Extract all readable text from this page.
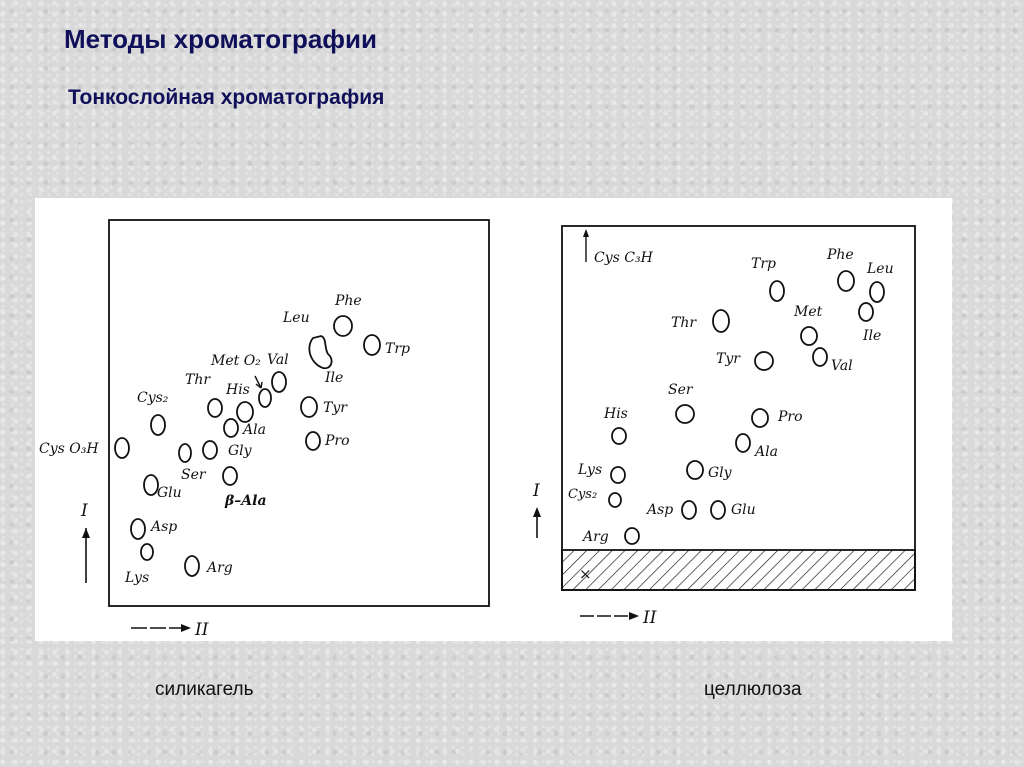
Методы хроматографии
Тонкослойная хроматография
Phe
Leu
Trp
Met O₂ Val
Ile
Thr
His
Tyr
Cys₂
Ala
Gly
Pro
Cys O₃H
Ser
Glu	β–Ala
Asp
Lys
Arg
I
II
×
Cys C₃H	Phe
Trp	Leu
Thr
Met
Ile
Tyr	Val
Ser
His	Pro
Ala
Lys	Gly
Cys₂
Asp	Glu
Arg
I
II
силикагель	целлюлоза
